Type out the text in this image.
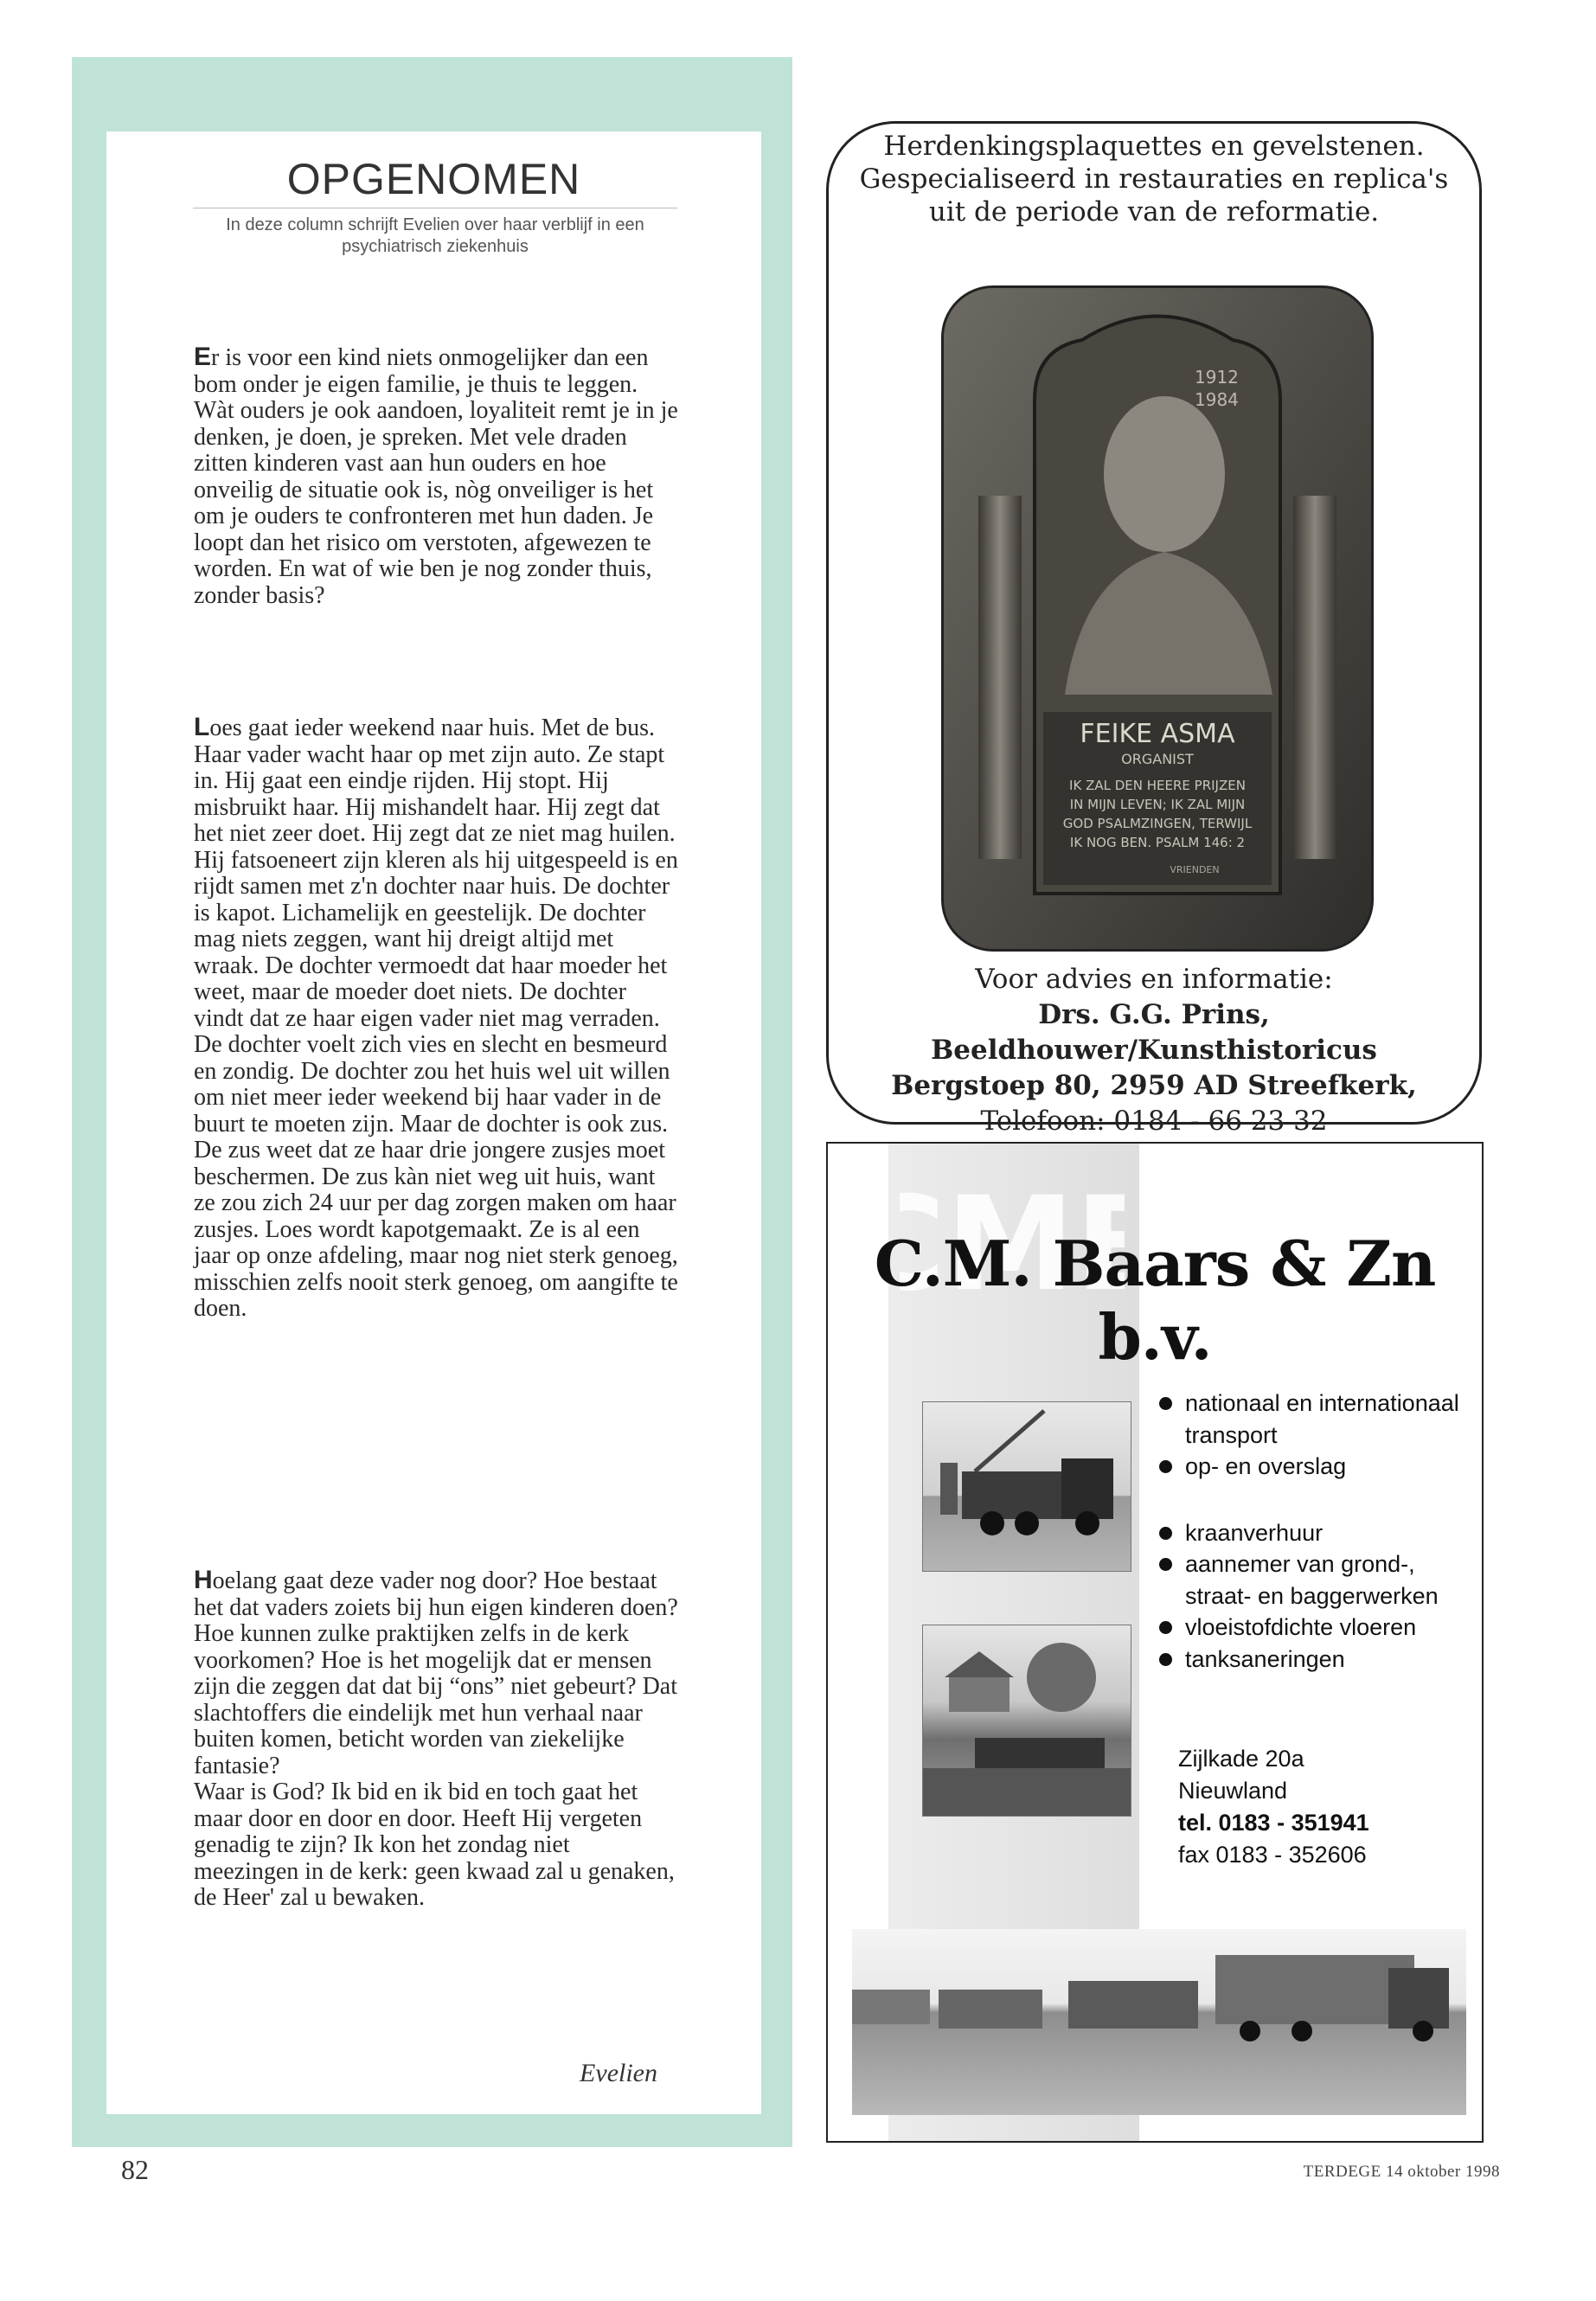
OPGENOMEN
In deze column schrijft Evelien over haar verblijf in een psychiatrisch ziekenhuis

Er is voor een kind niets onmogelijker dan een bom onder je eigen familie, je thuis te leggen. Wàt ouders je ook aandoen, loyaliteit remt je in je denken, je doen, je spreken. Met vele draden zitten kinderen vast aan hun ouders en hoe onveilig de situatie ook is, nòg onveiliger is het om je ouders te confronteren met hun daden. Je loopt dan het risico om verstoten, afgewezen te worden. En wat of wie ben je nog zonder thuis, zonder basis?

Loes gaat ieder weekend naar huis. Met de bus. Haar vader wacht haar op met zijn auto. Ze stapt in. Hij gaat een eindje rijden. Hij stopt. Hij misbruikt haar. Hij mishandelt haar. Hij zegt dat het niet zeer doet. Hij zegt dat ze niet mag huilen. Hij fatsoeneert zijn kleren als hij uitgespeeld is en rijdt samen met z'n dochter naar huis. De dochter is kapot. Lichamelijk en geestelijk. De dochter mag niets zeggen, want hij dreigt altijd met wraak. De dochter vermoedt dat haar moeder het weet, maar de moeder doet niets. De dochter vindt dat ze haar eigen vader niet mag verraden. De dochter voelt zich vies en slecht en besmeurd en zondig. De dochter zou het huis wel uit willen om niet meer ieder weekend bij haar vader in de buurt te moeten zijn. Maar de dochter is ook zus. De zus weet dat ze haar drie jongere zusjes moet beschermen. De zus kàn niet weg uit huis, want ze zou zich 24 uur per dag zorgen maken om haar zusjes. Loes wordt kapotgemaakt. Ze is al een jaar op onze afdeling, maar nog niet sterk genoeg, misschien zelfs nooit sterk genoeg, om aangifte te doen.

Hoelang gaat deze vader nog door? Hoe bestaat het dat vaders zoiets bij hun eigen kinderen doen? Hoe kunnen zulke praktijken zelfs in de kerk voorkomen? Hoe is het mogelijk dat er mensen zijn die zeggen dat dat bij “ons” niet gebeurt? Dat slachtoffers die eindelijk met hun verhaal naar buiten komen, beticht worden van ziekelijke fantasie?

Waar is God? Ik bid en ik bid en toch gaat het maar door en door en door. Heeft Hij vergeten genadig te zijn? Ik kon het zondag niet meezingen in de kerk: geen kwaad zal u genaken, de Heer' zal u bewaken.

Evelien
82	TERDEGE 14 oktober 1998
Herdenkingsplaquettes en gevelstenen.
Gespecialiseerd in restauraties en replica's
uit de periode van de reformatie.
1912
1984
FEIKE ASMA
ORGANIST
IK ZAL DEN HEERE PRIJZEN
IN MIJN LEVEN; IK ZAL MIJN
GOD PSALMZINGEN, TERWIJL
IK NOG BEN. PSALM 146: 2
VRIENDEN
Voor advies en informatie:
Drs. G.G. Prins, Beeldhouwer/Kunsthistoricus
Bergstoep 80, 2959 AD Streefkerk,
Telefoon: 0184 - 66 23 32
MB
C.M. Baars & Zn b.v.
nationaal en internationaal transport
op- en overslag
kraanverhuur
aannemer van grond-, straat- en baggerwerken
vloeistofdichte vloeren
tanksaneringen
Zijlkade 20a
Nieuwland
tel. 0183 - 351941
fax 0183 - 352606
